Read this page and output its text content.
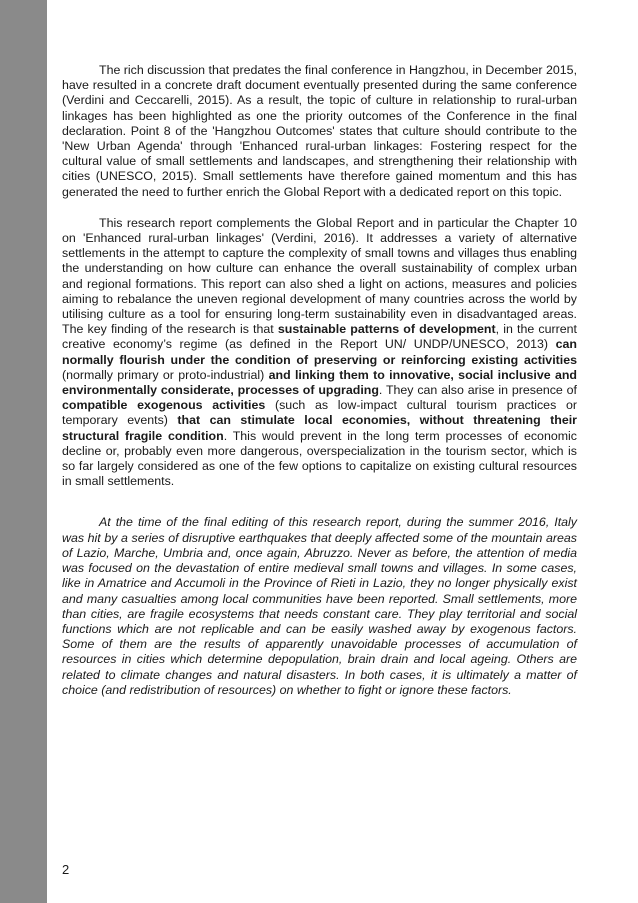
The rich discussion that predates the final conference in Hangzhou, in December 2015, have resulted in a concrete draft document eventually presented during the same conference (Verdini and Ceccarelli, 2015). As a result, the topic of culture in relationship to rural-urban linkages has been highlighted as one the priority outcomes of the Conference in the final declaration. Point 8 of the 'Hangzhou Outcomes' states that culture should contribute to the 'New Urban Agenda' through 'Enhanced rural-urban linkages: Fostering respect for the cultural value of small settlements and landscapes, and strengthening their relationship with cities (UNESCO, 2015). Small settlements have therefore gained momentum and this has generated the need to further enrich the Global Report with a dedicated report on this topic.

This research report complements the Global Report and in particular the Chapter 10 on 'Enhanced rural-urban linkages' (Verdini, 2016). It addresses a variety of alternative settlements in the attempt to capture the complexity of small towns and villages thus enabling the understanding on how culture can enhance the overall sustainability of complex urban and regional formations. This report can also shed a light on actions, measures and policies aiming to rebalance the uneven regional development of many countries across the world by utilising culture as a tool for ensuring long-term sustainability even in disadvantaged areas. The key finding of the research is that sustainable patterns of development, in the current creative economy’s regime (as defined in the Report UN/ UNDP/UNESCO, 2013) can normally flourish under the condition of preserving or reinforcing existing activities (normally primary or proto-industrial) and linking them to innovative, social inclusive and environmentally considerate, processes of upgrading. They can also arise in presence of compatible exogenous activities (such as low-impact cultural tourism practices or temporary events) that can stimulate local economies, without threatening their structural fragile condition. This would prevent in the long term processes of economic decline or, probably even more dangerous, overspecialization in the tourism sector, which is so far largely considered as one of the few options to capitalize on existing cultural resources in small settlements.

At the time of the final editing of this research report, during the summer 2016, Italy was hit by a series of disruptive earthquakes that deeply affected some of the mountain areas of Lazio, Marche, Umbria and, once again, Abruzzo. Never as before, the attention of media was focused on the devastation of entire medieval small towns and villages. In some cases, like in Amatrice and Accumoli in the Province of Rieti in Lazio, they no longer physically exist and many casualties among local communities have been reported. Small settlements, more than cities, are fragile ecosystems that needs constant care. They play territorial and social functions which are not replicable and can be easily washed away by exogenous factors. Some of them are the results of apparently unavoidable processes of accumulation of resources in cities which determine depopulation, brain drain and local ageing. Others are related to climate changes and natural disasters. In both cases, it is ultimately a matter of choice (and redistribution of resources) on whether to fight or ignore these factors.

2
